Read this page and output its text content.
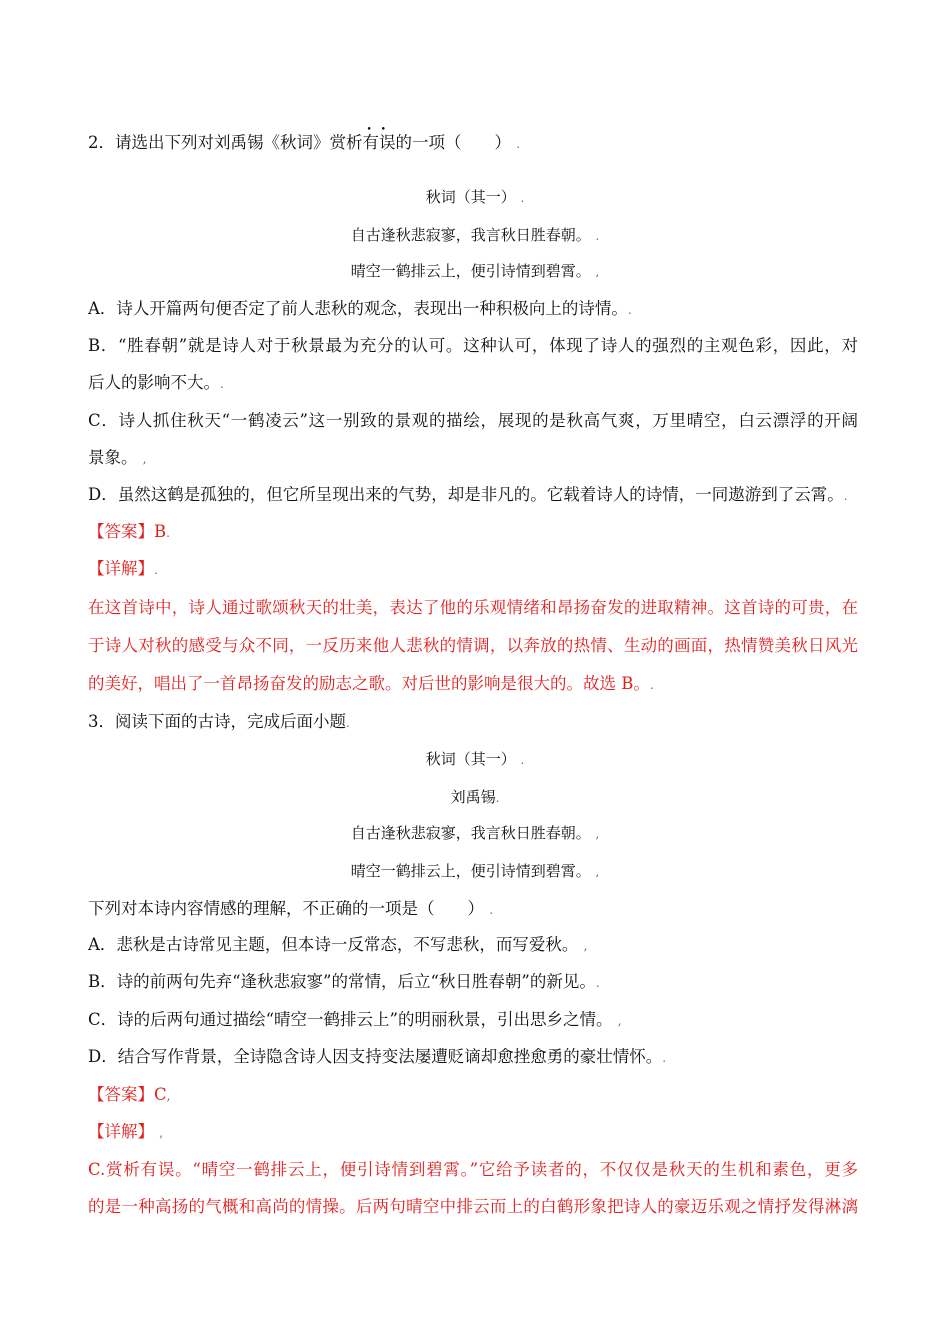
2．请选出下列对刘禹锡《秋词》赏析• • 有误的一项（　　） .
秋词（其一） .
自古逢秋悲寂寥，我言秋日胜春朝。 .
晴空一鹤排云上，便引诗情到碧霄。 ,
A．诗人开篇两句便否定了前人悲秋的观念，表现出一种积极向上的诗情。.
B．“胜春朝”就是诗人对于秋景最为充分的认可。这种认可，体现了诗人的强烈的主观色彩，因此，对
后人的影响不大。.
C．诗人抓住秋天“一鹤凌云”这一别致的景观的描绘，展现的是秋高气爽，万里晴空，白云漂浮的开阔
景象。 ,
D．虽然这鹤是孤独的，但它所呈现出来的气势，却是非凡的。它载着诗人的诗情，一同遨游到了云霄。.
【答案】B.
【详解】.
在这首诗中，诗人通过歌颂秋天的壮美，表达了他的乐观情绪和昂扬奋发的进取精神。这首诗的可贵，在
于诗人对秋的感受与众不同，一反历来他人悲秋的情调，以奔放的热情、生动的画面，热情赞美秋日风光
的美好，唱出了一首昂扬奋发的励志之歌。对后世的影响是很大的。故选 B。.
3．阅读下面的古诗，完成后面小题.
秋词（其一） .
刘禹锡.
自古逢秋悲寂寥，我言秋日胜春朝。 ,
晴空一鹤排云上，便引诗情到碧霄。 ,
下列对本诗内容情感的理解，不正确的一项是（　　） .
A．悲秋是古诗常见主题，但本诗一反常态，不写悲秋，而写爱秋。 ,
B．诗的前两句先弃“逢秋悲寂寥”的常情，后立“秋日胜春朝”的新见。.
C．诗的后两句通过描绘“晴空一鹤排云上”的明丽秋景，引出思乡之情。 ,
D．结合写作背景，全诗隐含诗人因支持变法屡遭贬谪却愈挫愈勇的豪壮情怀。.
【答案】C,
【详解】 ,
C.赏析有误。“晴空一鹤排云上，便引诗情到碧霄。”它给予读者的，不仅仅是秋天的生机和素色，更多
的是一种高扬的气概和高尚的情操。后两句晴空中排云而上的白鹤形象把诗人的豪迈乐观之情抒发得淋漓
